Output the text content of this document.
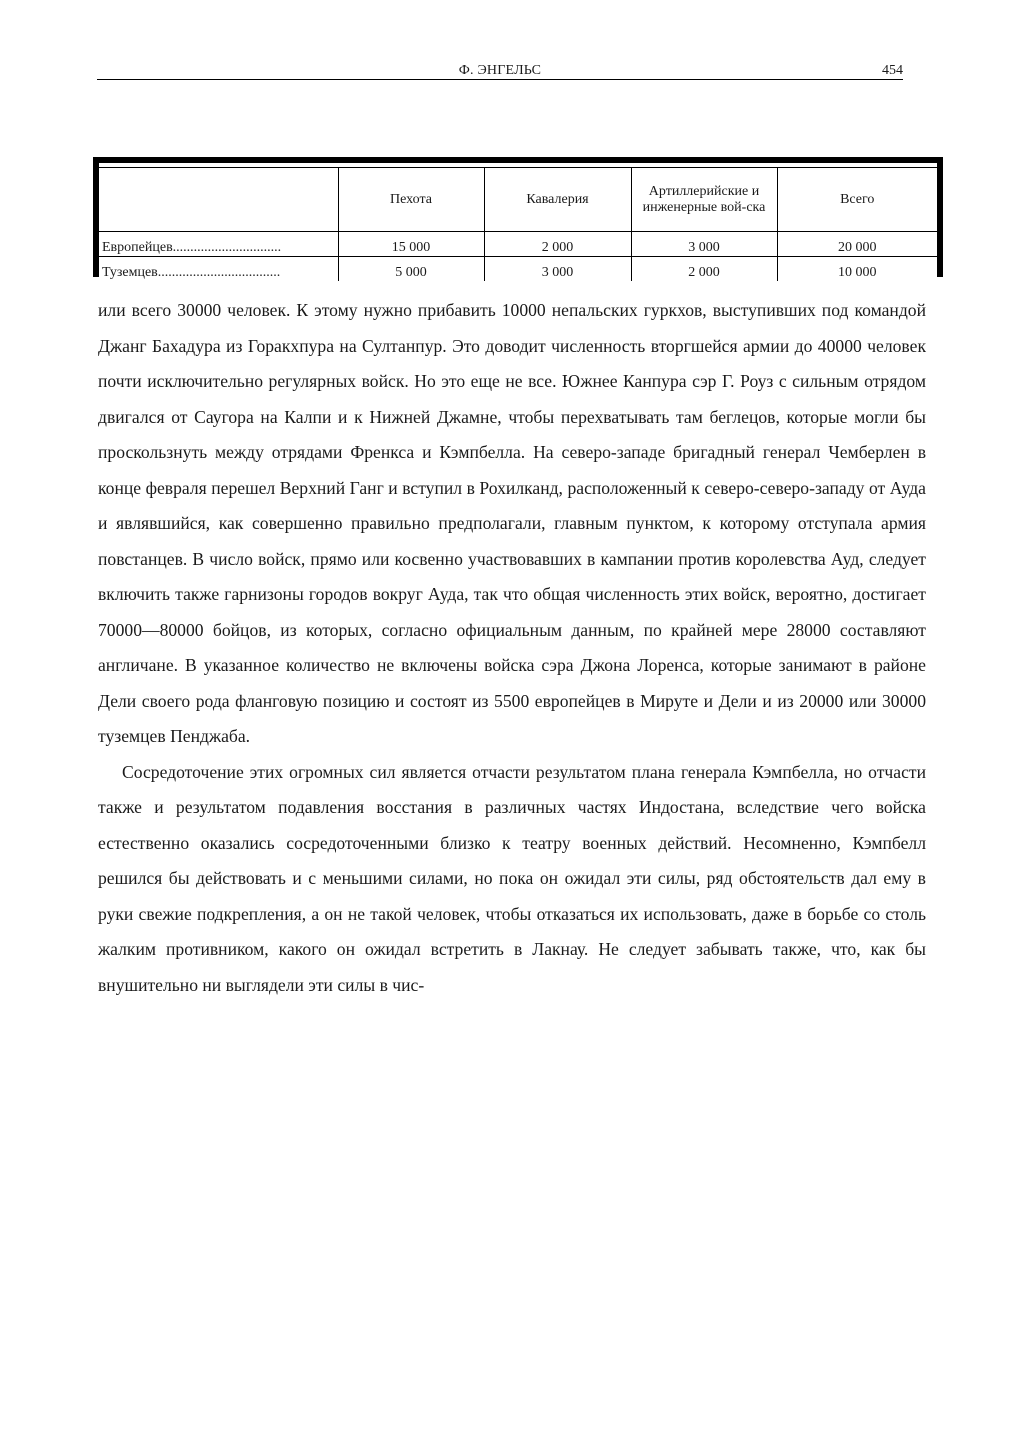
Ф. ЭНГЕЛЬС	454
	Пехота	Кавалерия	Артиллерийские и инженерные вой-ска	Всего
Европейцев...............................	15 000	2 000	3 000	20 000
Туземцев...................................	5 000	3 000	2 000	10 000

или всего 30000 человек. К этому нужно прибавить 10000 непальских гуркхов, выступивших под командой Джанг Бахадура из Горакхпура на Султанпур. Это доводит численность вторгшейся армии до 40000 человек почти исключительно регулярных войск. Но это еще не все. Южнее Канпура сэр Г. Роуз с сильным отрядом двигался от Саугора на Калпи и к Нижней Джамне, чтобы перехватывать там беглецов, которые могли бы проскользнуть между отрядами Френкса и Кэмпбелла. На северо-западе бригадный генерал Чемберлен в конце февраля перешел Верхний Ганг и вступил в Рохилканд, расположенный к северо-северо-западу от Ауда и являвшийся, как совершенно правильно предполагали, главным пунктом, к которому отступала армия повстанцев. В число войск, прямо или косвенно участвовавших в кампании против королевства Ауд, следует включить также гарнизоны городов вокруг Ауда, так что общая численность этих войск, вероятно, достигает 70000—80000 бойцов, из которых, согласно официальным данным, по крайней мере 28000 составляют англичане. В указанное количество не включены войска сэра Джона Лоренса, которые занимают в районе Дели своего рода фланговую позицию и состоят из 5500 европейцев в Мируте и Дели и из 20000 или 30000 туземцев Пенджаба.

Сосредоточение этих огромных сил является отчасти результатом плана генерала Кэмпбелла, но отчасти также и результатом подавления восстания в различных частях Индостана, вследствие чего войска естественно оказались сосредоточенными близко к театру военных действий. Несомненно, Кэмпбелл решился бы действовать и с меньшими силами, но пока он ожидал эти силы, ряд обстоятельств дал ему в руки свежие подкрепления, а он не такой человек, чтобы отказаться их использовать, даже в борьбе со столь жалким противником, какого он ожидал встретить в Лакнау. Не следует забывать также, что, как бы внушительно ни выглядели эти силы в чис-
